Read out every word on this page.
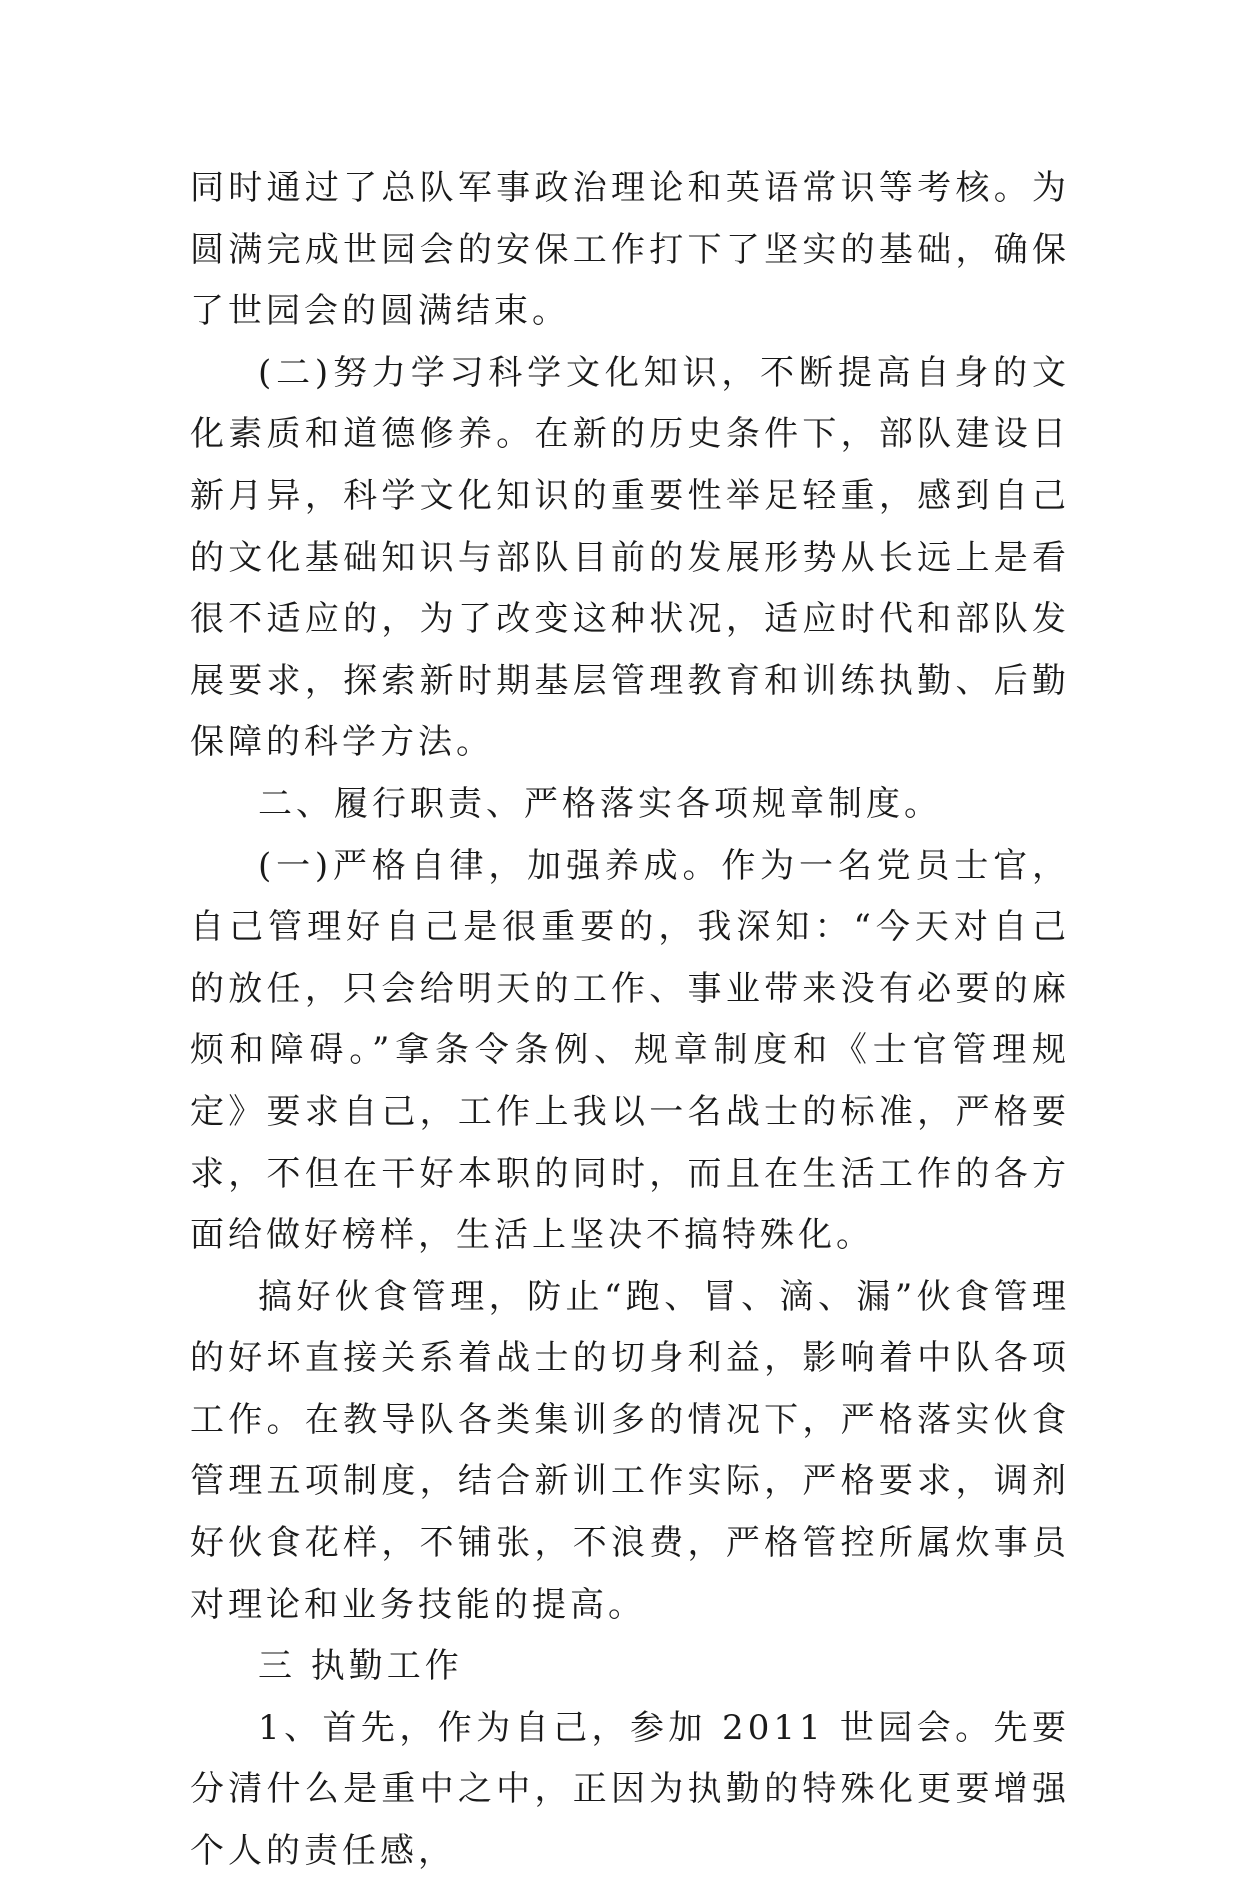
同时通过了总队军事政治理论和英语常识等考核。为圆满完成世园会的安保工作打下了坚实的基础，确保了世园会的圆满结束。

(二)努力学习科学文化知识，不断提高自身的文化素质和道德修养。在新的历史条件下，部队建设日新月异，科学文化知识的重要性举足轻重，感到自己的文化基础知识与部队目前的发展形势从长远上是看很不适应的，为了改变这种状况，适应时代和部队发展要求，探索新时期基层管理教育和训练执勤、后勤保障的科学方法。

二、履行职责、严格落实各项规章制度。

(一)严格自律，加强养成。作为一名党员士官，自己管理好自己是很重要的，我深知：“今天对自己的放任，只会给明天的工作、事业带来没有必要的麻烦和障碍。”拿条令条例、规章制度和《士官管理规定》要求自己，工作上我以一名战士的标准，严格要求，不但在干好本职的同时，而且在生活工作的各方面给做好榜样，生活上坚决不搞特殊化。

搞好伙食管理，防止“跑、冒、滴、漏”伙食管理的好坏直接关系着战士的切身利益，影响着中队各项工作。在教导队各类集训多的情况下，严格落实伙食管理五项制度，结合新训工作实际，严格要求，调剂好伙食花样，不铺张，不浪费，严格管控所属炊事员对理论和业务技能的提高。

三 执勤工作

1、首先，作为自己，参加 2011 世园会。先要分清什么是重中之中，正因为执勤的特殊化更要增强个人的责任感，
